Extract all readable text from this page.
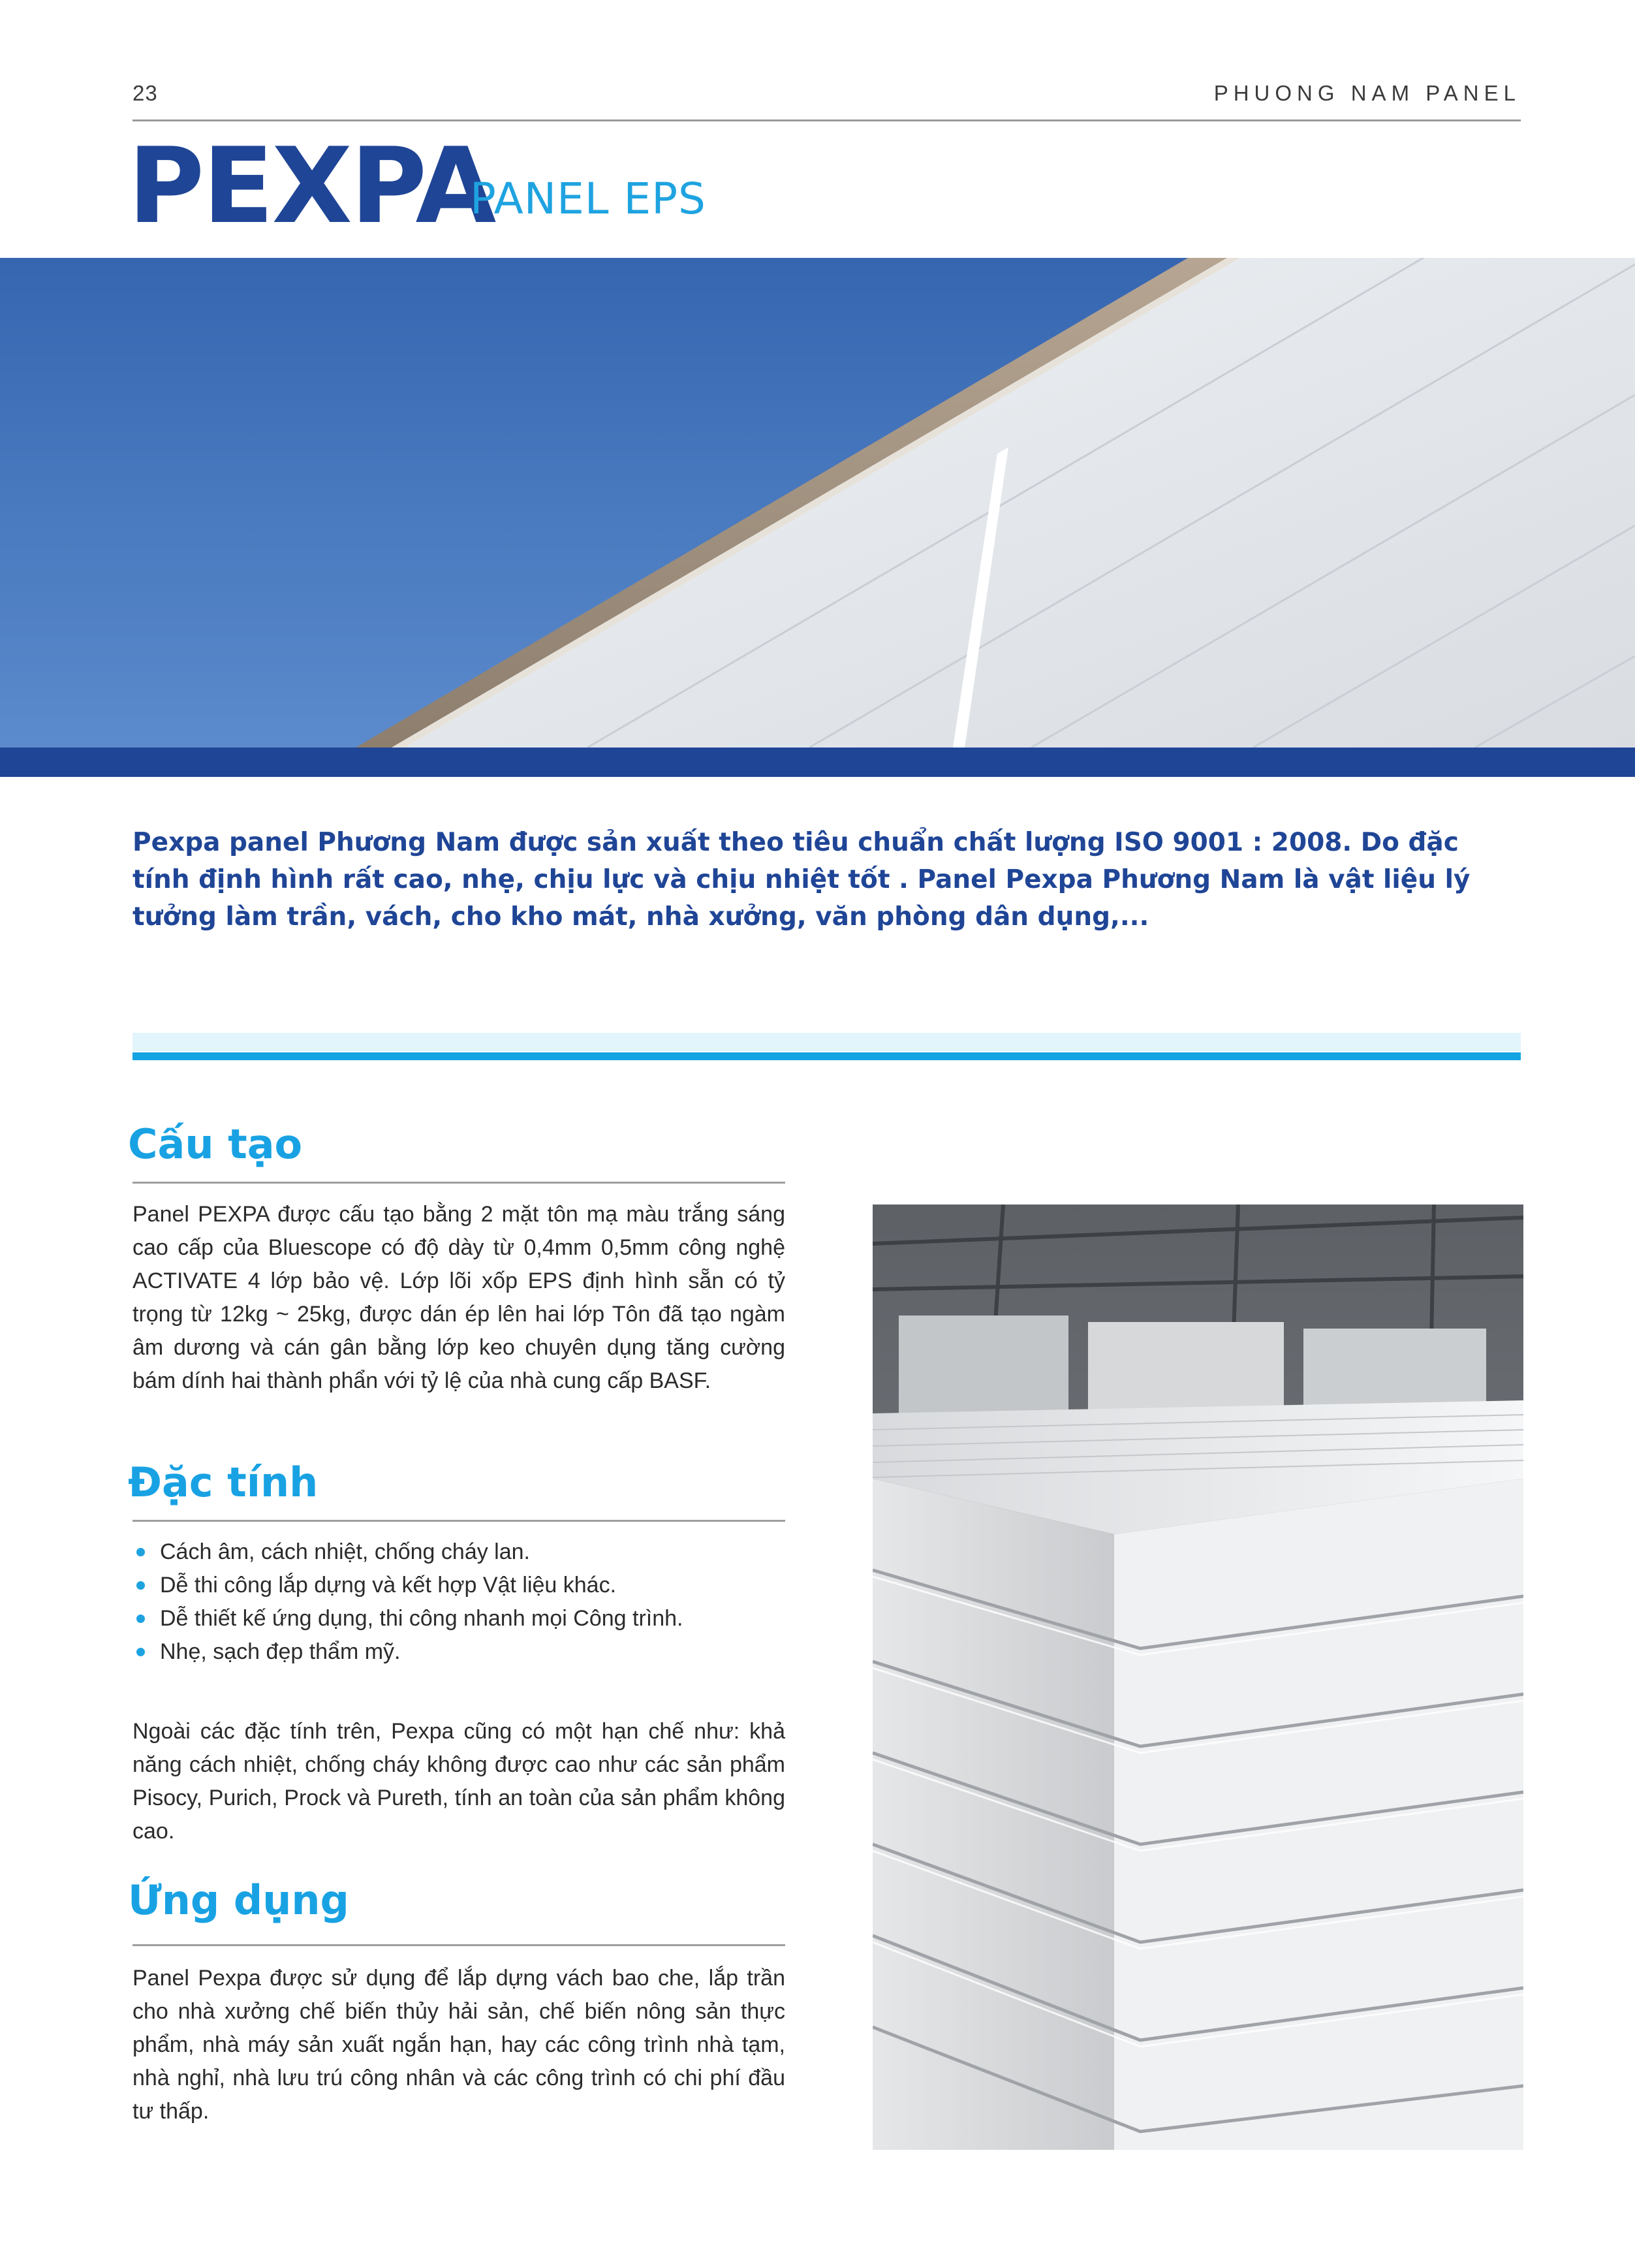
23	PHUONG NAM PANEL
PEXPA
PANEL EPS
Pexpa panel Phương Nam được sản xuất theo tiêu chuẩn chất lượng ISO 9001 : 2008. Do đặc tính định hình rất cao, nhẹ, chịu lực và chịu nhiệt tốt . Panel Pexpa Phương Nam là vật liệu lý tưởng làm trần, vách, cho kho mát, nhà xưởng, văn phòng dân dụng,...
Cấu tạo
Panel PEXPA được cấu tạo bằng 2 mặt tôn mạ màu trắng sáng cao cấp của Bluescope có độ dày từ 0,4mm 0,5mm công nghệ ACTIVATE 4 lớp bảo vệ. Lớp lõi xốp EPS định hình sẵn có tỷ trọng từ 12kg ~ 25kg, được dán ép lên hai lớp Tôn đã tạo ngàm âm dương và cán gân bằng lớp keo chuyên dụng tăng cường bám dính hai thành phẩn với tỷ lệ của nhà cung cấp BASF.
Đặc tính
Cách âm, cách nhiệt, chống cháy lan.
Dễ thi công lắp dựng và kết hợp Vật liệu khác.
Dễ thiết kế ứng dụng, thi công nhanh mọi Công trình.
Nhẹ, sạch đẹp thẩm mỹ.
Ngoài các đặc tính trên, Pexpa cũng có một hạn chế như: khả năng cách nhiệt, chống cháy không được cao như các sản phẩm Pisocy, Purich, Prock và Pureth, tính an toàn của sản phẩm không cao.
Ứng dụng
Panel Pexpa được sử dụng để lắp dựng vách bao che, lắp trần cho nhà xưởng chế biến thủy hải sản, chế biến nông sản thực phẩm, nhà máy sản xuất ngắn hạn, hay các công trình nhà tạm, nhà nghỉ, nhà lưu trú công nhân và các công trình có chi phí đầu tư thấp.
